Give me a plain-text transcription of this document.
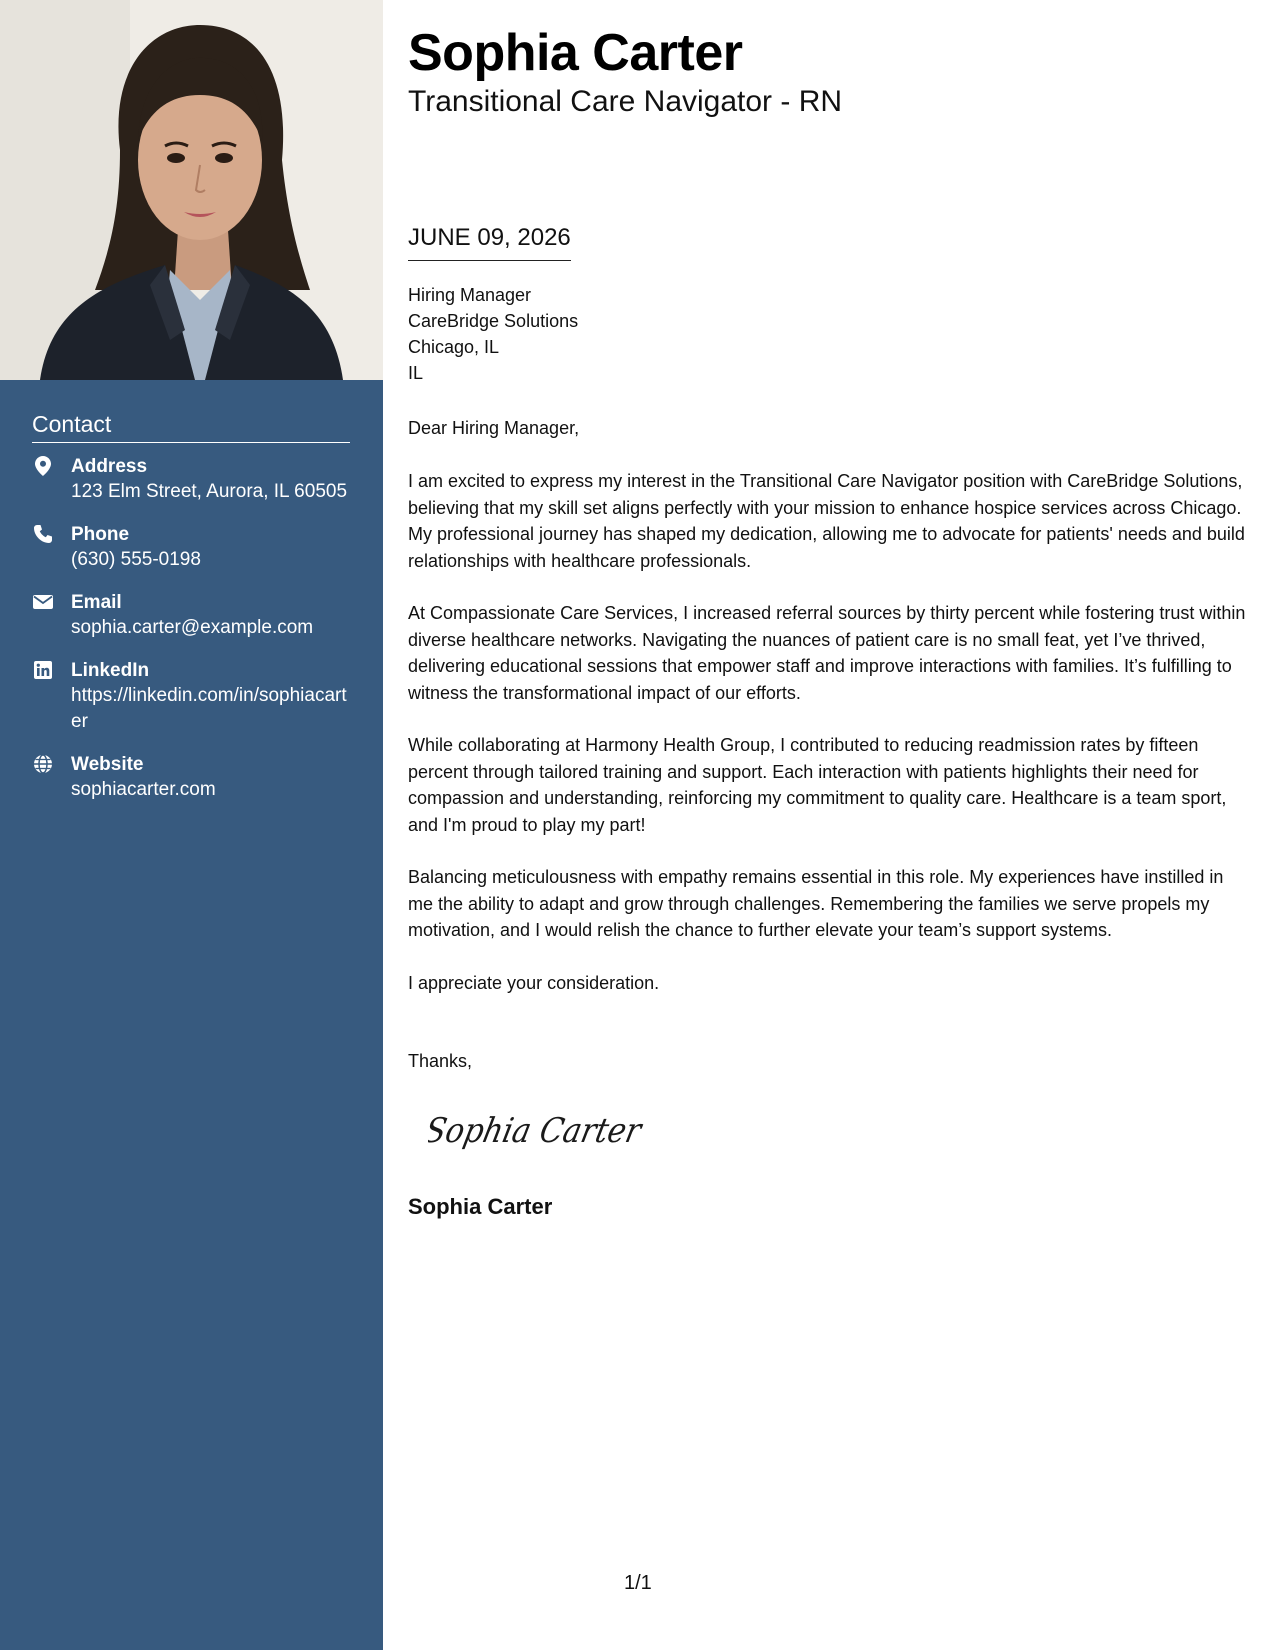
Contact
Address
123 Elm Street, Aurora, IL 60505
Phone
(630) 555-0198
Email
sophia.carter@example.com
LinkedIn
https://linkedin.com/in/sophiacarter
Website
sophiacarter.com
Sophia Carter
Transitional Care Navigator - RN
JUNE 09, 2026
Hiring Manager
CareBridge Solutions
Chicago, IL
IL
Dear Hiring Manager,

I am excited to express my interest in the Transitional Care Navigator position with CareBridge Solutions, believing that my skill set aligns perfectly with your mission to enhance hospice services across Chicago. My professional journey has shaped my dedication, allowing me to advocate for patients' needs and build relationships with healthcare professionals.

At Compassionate Care Services, I increased referral sources by thirty percent while fostering trust within diverse healthcare networks. Navigating the nuances of patient care is no small feat, yet I’ve thrived, delivering educational sessions that empower staff and improve interactions with families. It’s fulfilling to witness the transformational impact of our efforts.

While collaborating at Harmony Health Group, I contributed to reducing readmission rates by fifteen percent through tailored training and support. Each interaction with patients highlights their need for compassion and understanding, reinforcing my commitment to quality care. Healthcare is a team sport, and I'm proud to play my part!

Balancing meticulousness with empathy remains essential in this role. My experiences have instilled in me the ability to adapt and grow through challenges. Remembering the families we serve propels my motivation, and I would relish the chance to further elevate your team’s support systems.

I appreciate your consideration.

Thanks,
Sophia Carter
Sophia Carter
1/1
